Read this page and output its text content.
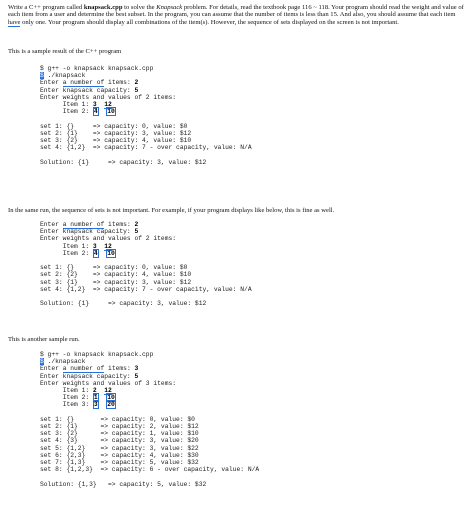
Write a C++ program called knapsack.cpp to solve the Knapsack problem. For details, read the textbook page 116 ~ 118. Your program should read the weight and value of each item from a user and determine the best subset. In the program, you can assume that the number of items is less than 15. And also, you should assume that each item have only one. Your program should display all combinations of the item(s). However, the sequence of sets displayed on the screen is not important.
This is a sample result of the C++ program
$ g++ -o knapsack knapsack.cpp
$ ./knapsack
Enter a number of items: 2
Enter knapsack capacity: 5
Enter weights and values of 2 items:
Item 1: 3 12
Item 2: 4 10

set 1: {}     => capacity: 0, value: $0
set 2: {1}    => capacity: 3, value: $12
set 3: {2}    => capacity: 4, value: $10
set 4: {1,2}  => capacity: 7 - over capacity, value: N/A

Solution: {1}     => capacity: 3, value: $12
In the same run, the sequence of sets is not important. For example, if your program displays like below, this is fine as well.
Enter a number of items: 2
Enter knapsack capacity: 5
Enter weights and values of 2 items:
Item 1: 3 12
Item 2: 4 10

set 1: {}     => capacity: 0, value: $0
set 2: {2}    => capacity: 4, value: $10
set 3: {1}    => capacity: 3, value: $12
set 4: {1,2}  => capacity: 7 - over capacity, value: N/A

Solution: {1}     => capacity: 3, value: $12
This is another sample run.
$ g++ -o knapsack knapsack.cpp
$ ./knapsack
Enter a number of items: 3
Enter knapsack capacity: 5
Enter weights and values of 3 items:
Item 1: 2 12
Item 2: 1 10
Item 3: 3 20

set 1: {}       => capacity: 0, value: $0
set 2: {1}      => capacity: 2, value: $12
set 3: {2}      => capacity: 1, value: $10
set 4: {3}      => capacity: 3, value: $20
set 5: {1,2}    => capacity: 3, value: $22
set 6: {2,3}    => capacity: 4, value: $30
set 7: {1,3}    => capacity: 5, value: $32
set 8: {1,2,3}  => capacity: 6 - over capacity, value: N/A

Solution: {1,3}   => capacity: 5, value: $32
